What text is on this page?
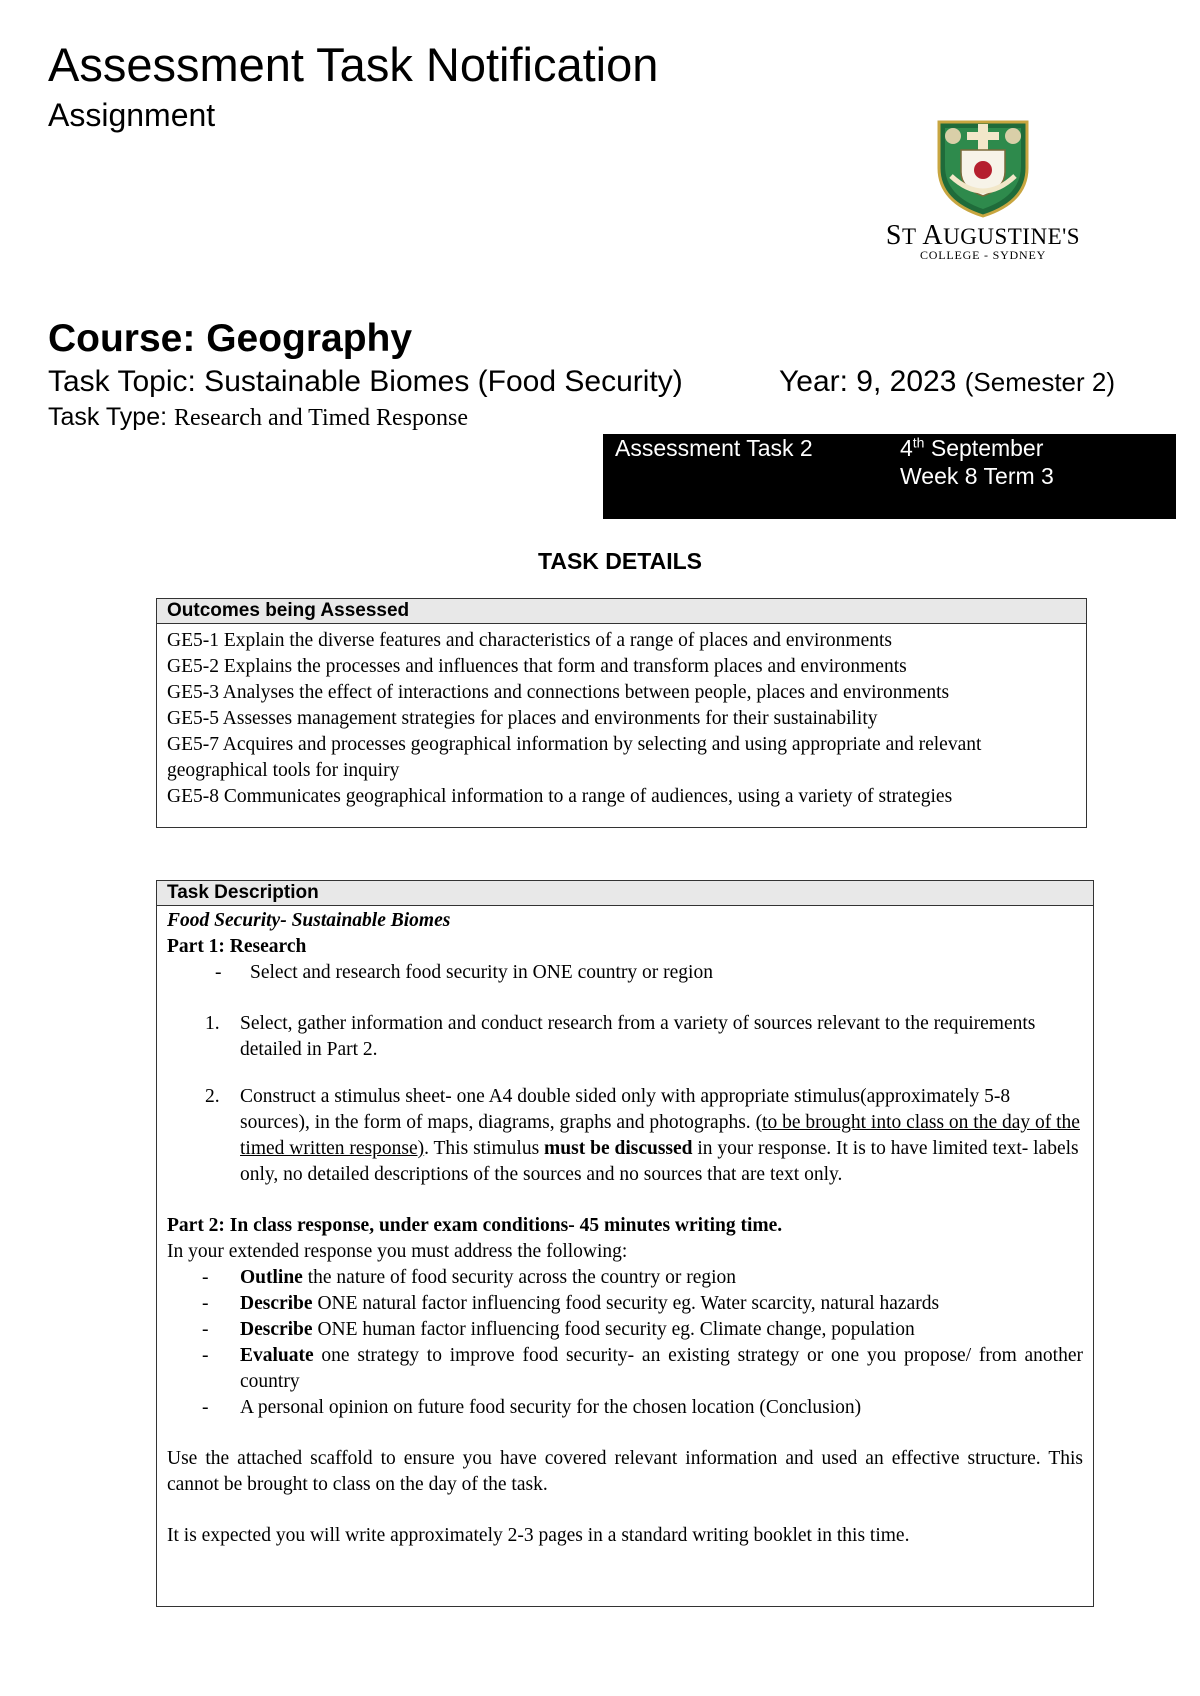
Assessment Task Notification
Assignment
ST AUGUSTINE'S
COLLEGE - SYDNEY
Course: Geography
Task Topic: Sustainable Biomes (Food Security)	Year: 9, 2023 (Semester 2)
Task Type: Research and Timed Response
Assessment Task 2	4th September
Week 8 Term 3
TASK DETAILS
Outcomes being Assessed
GE5-1 Explain the diverse features and characteristics of a range of places and environments
GE5-2 Explains the processes and influences that form and transform places and environments
GE5-3 Analyses the effect of interactions and connections between people, places and environments
GE5-5 Assesses management strategies for places and environments for their sustainability
GE5-7 Acquires and processes geographical information by selecting and using appropriate and relevant geographical tools for inquiry
GE5-8 Communicates geographical information to a range of audiences, using a variety of strategies
Task Description

Food Security- Sustainable Biomes

Part 1: Research

- Select and research food security in ONE country or region
1. Select, gather information and conduct research from a variety of sources relevant to the requirements detailed in Part 2.
2. Construct a stimulus sheet- one A4 double sided only with appropriate stimulus(approximately 5-8 sources), in the form of maps, diagrams, graphs and photographs. (to be brought into class on the day of the timed written response). This stimulus must be discussed in your response. It is to have limited text- labels only, no detailed descriptions of the sources and no sources that are text only.

Part 2: In class response, under exam conditions- 45 minutes writing time.

In your extended response you must address the following:

- Outline the nature of food security across the country or region
- Describe ONE natural factor influencing food security eg. Water scarcity, natural hazards
- Describe ONE human factor influencing food security eg. Climate change, population
- Evaluate one strategy to improve food security- an existing strategy or one you propose/ from another country
- A personal opinion on future food security for the chosen location (Conclusion)

Use the attached scaffold to ensure you have covered relevant information and used an effective structure. This cannot be brought to class on the day of the task.

It is expected you will write approximately 2-3 pages in a standard writing booklet in this time.
